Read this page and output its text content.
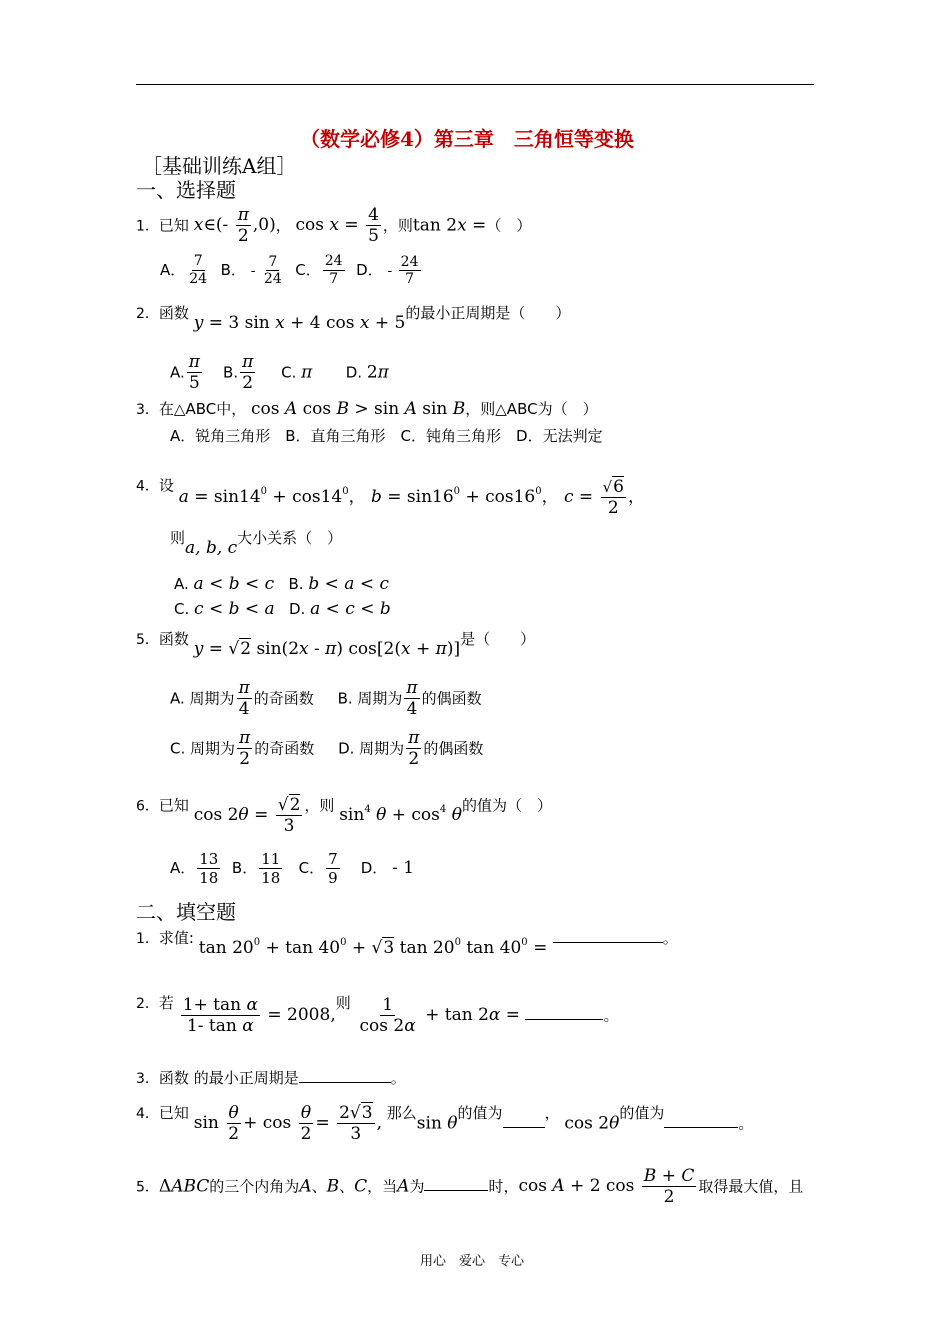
（数学必修4）第三章　三角恒等变换
［基础训练A组］
一、选择题
1．已知 x∈(- $\frac{\pi}{2} ,0$)， $\cos x = \frac{4}{5}$ ，则tan 2x =（　）
A． $\frac{7}{24}$ B． - $\frac{7}{24}$ C． $\frac{24}{7}$ D． - $\frac{24}{7}$
2．函数 y = 3 sin x + 4 cos x + 5的最小正周期是（　　）
A. $\frac{\pi}{5} B$. $\frac{\pi}{2} C$. π D. 2π
3．在△ABC中， cos A cos B > sin A sin B，则△ABC为（　）
A．锐角三角形　B．直角三角形　C．钝角三角形　D．无法判定
4．设 $a = \sin 14^0 + \cos 14^0$， $b = \sin 16^0 + \cos 16^0$， $c = \frac{√6}{2}$ ，
则a, b, c大小关系（　）
A. a < b < c B. b < a < c
C. c < b < a D. a < c < b
5．函数 y = √2 sin(2x - π) cos[2(x + π)]是（　　）
A. 周期为 $\frac{\pi}{4}$ 的奇函数 B. 周期为 $\frac{\pi}{4}$ 的偶函数
C. 周期为 $\frac{\pi}{2}$ 的奇函数 D. 周期为 $\frac{\pi}{2}$ 的偶函数
6．已知 $\cos 2\theta = \frac{√2}{3}$ ，则 $\sin^4 \theta + \cos^4 \theta$的值为（　）
A． $\frac{13}{18}$ B． $\frac{11}{18}$ C． $\frac{7}{9}$ D． - 1
二、填空题
1．求值: $\tan 20^0 + \tan 40^0 + √3$ $\tan 20^0$ $\tan 40^0$ =	。
2．若 $\frac{\text{1+ tan α}}{\text{1- tan α}} = 2008$,则 $\frac{1}{\cos 2\alpha} + \tan 2\alpha$ =	。
3．函数 的最小正周期是	。
4．已知 $\sin \frac{\theta}{2} + \cos \frac{\theta}{2} = \frac{2√3}{3}$ , 那么sin θ的值为	， cos 2θ的值为。
5．ΔABC的三个内角为A、B、C，当A为	时，cos A + 2 $\cos \frac{B + C}{2}$ 取得最大值，且
用心　爱心　专心
